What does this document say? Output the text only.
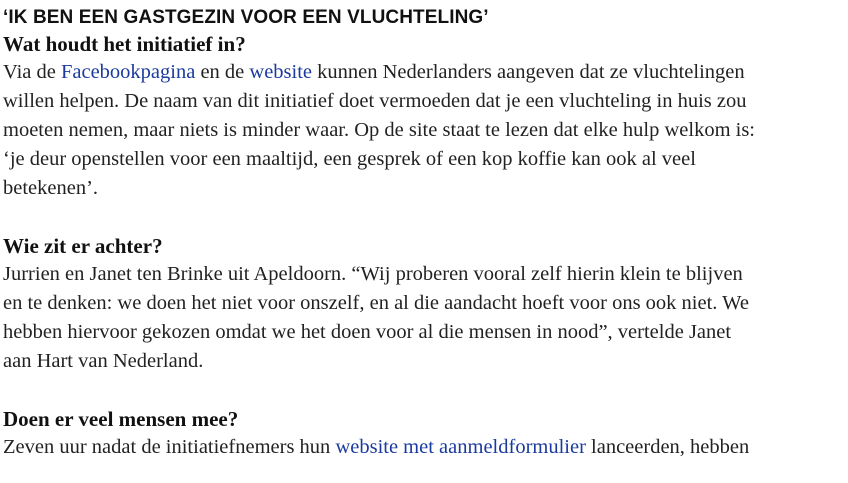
‘IK BEN EEN GASTGEZIN VOOR EEN VLUCHTELING’
Wat houdt het initiatief in?

Via de Facebookpagina en de website kunnen Nederlanders aangeven dat ze vluchtelingen
willen helpen. De naam van dit initiatief doet vermoeden dat je een vluchteling in huis zou
moeten nemen, maar niets is minder waar. Op de site staat te lezen dat elke hulp welkom is:
‘je deur openstellen voor een maaltijd, een gesprek of een kop koffie kan ook al veel
betekenen’.

Wie zit er achter?

Jurrien en Janet ten Brinke uit Apeldoorn. “Wij proberen vooral zelf hierin klein te blijven
en te denken: we doen het niet voor onszelf, en al die aandacht hoeft voor ons ook niet. We
hebben hiervoor gekozen omdat we het doen voor al die mensen in nood”, vertelde Janet
aan Hart van Nederland.

Doen er veel mensen mee?

Zeven uur nadat de initiatiefnemers hun website met aanmeldformulier lanceerden, hebben
